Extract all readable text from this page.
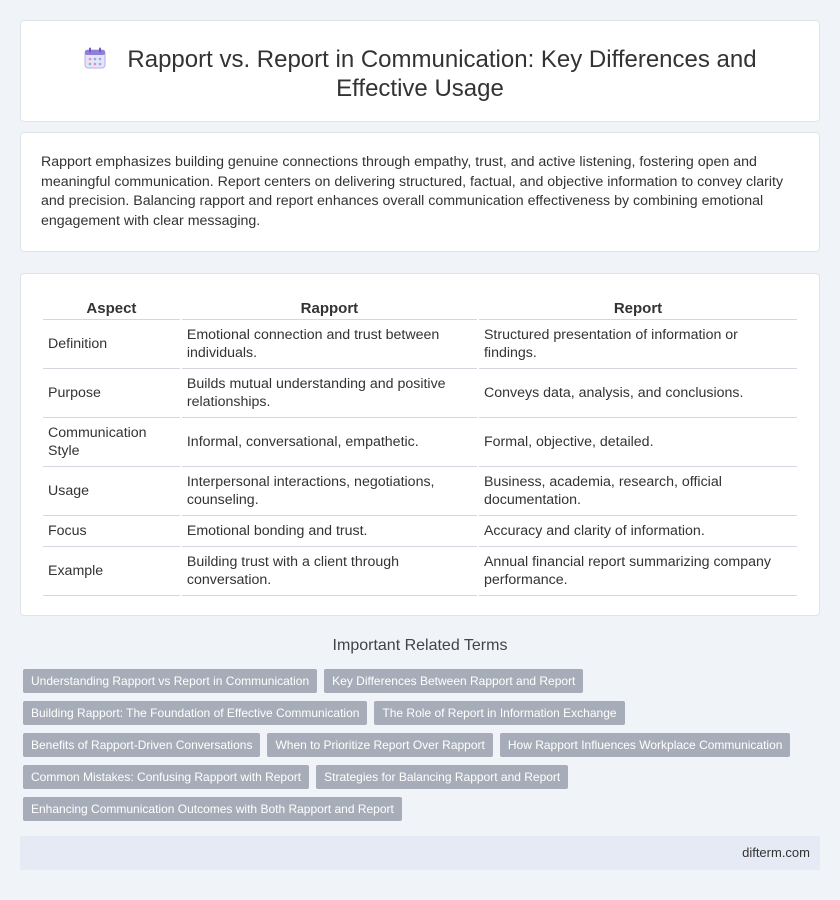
Rapport vs. Report in Communication: Key Differences and
Effective Usage

Rapport emphasizes building genuine connections through empathy, trust, and active listening, fostering open and meaningful communication. Report centers on delivering structured, factual, and objective information to convey clarity and precision. Balancing rapport and report enhances overall communication effectiveness by combining emotional engagement with clear messaging.

Aspect	Rapport	Report
Definition	Emotional connection and trust between individuals.	Structured presentation of information or findings.
Purpose	Builds mutual understanding and positive relationships.	Conveys data, analysis, and conclusions.
Communication Style	Informal, conversational, empathetic.	Formal, objective, detailed.
Usage	Interpersonal interactions, negotiations, counseling.	Business, academia, research, official documentation.
Focus	Emotional bonding and trust.	Accuracy and clarity of information.
Example	Building trust with a client through conversation.	Annual financial report summarizing company performance.
Important Related Terms
Understanding Rapport vs Report in Communication Key Differences Between Rapport and Report
Building Rapport: The Foundation of Effective Communication The Role of Report in Information Exchange
Benefits of Rapport-Driven Conversations When to Prioritize Report Over Rapport How Rapport Influences Workplace Communication
Common Mistakes: Confusing Rapport with Report Strategies for Balancing Rapport and Report
Enhancing Communication Outcomes with Both Rapport and Report
difterm.com
